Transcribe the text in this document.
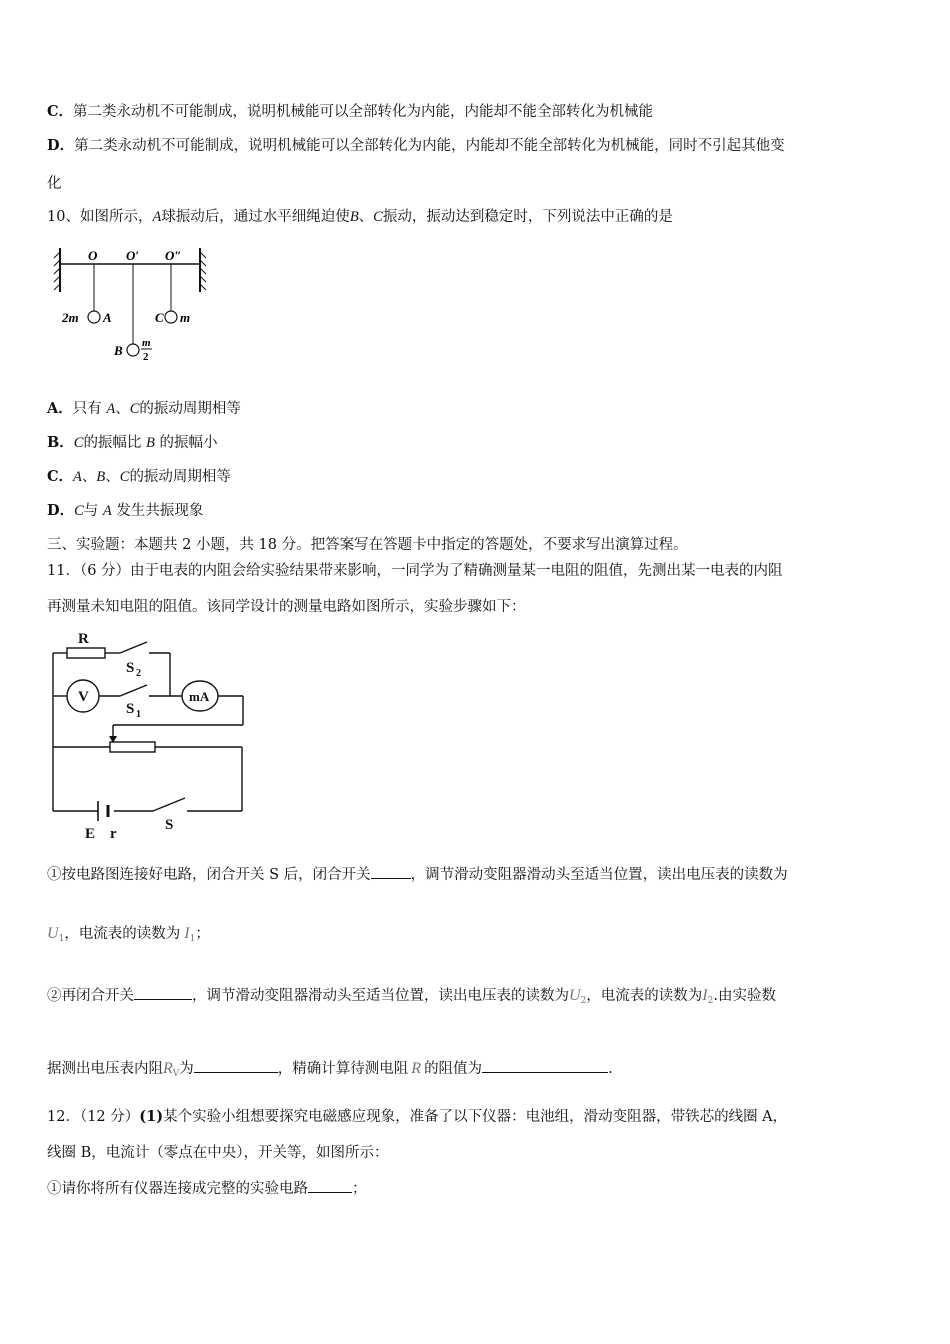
C．第二类永动机不可能制成，说明机械能可以全部转化为内能，内能却不能全部转化为机械能
D．第二类永动机不可能制成，说明机械能可以全部转化为内能，内能却不能全部转化为机械能，同时不引起其他变
化
10、如图所示，A球振动后，通过水平细绳迫使B、C振动，振动达到稳定时，下列说法中正确的是
O O′ O″
2m A
B m
2
C m
A．只有 A、C的振动周期相等
B．C的振幅比 B 的振幅小
C．A、B、C的振动周期相等
D．C与 A 发生共振现象
三、实验题：本题共 2 小题，共 18 分。把答案写在答题卡中指定的答题处，不要求写出演算过程。
11．（6 分）由于电表的内阻会给实验结果带来影响，一同学为了精确测量某一电阻的阻值，先测出某一电表的内阻
再测量未知电阻的阻值。该同学设计的测量电路如图所示，实验步骤如下：
R
S 2
V
S 1
mA
E r
S
①按电路图连接好电路，闭合开关 S 后，闭合开关	，调节滑动变阻器滑动头至适当位置，读出电压表的读数为
$U_1$，电流表的读数为 $I_1$；
②再闭合开关	，调节滑动变阻器滑动头至适当位置，读出电压表的读数为$U_2$，电流表的读数为$I_2$.由实验数
据测出电压表内阻$R_V$为	，精确计算待测电阻 R 的阻值为	.
12．（12 分）(1)某个实验小组想要探究电磁感应现象，准备了以下仪器：电池组，滑动变阻器，带铁芯的线圈 A，
线圈 B，电流计（零点在中央），开关等，如图所示：
①请你将所有仪器连接成完整的实验电路	；
